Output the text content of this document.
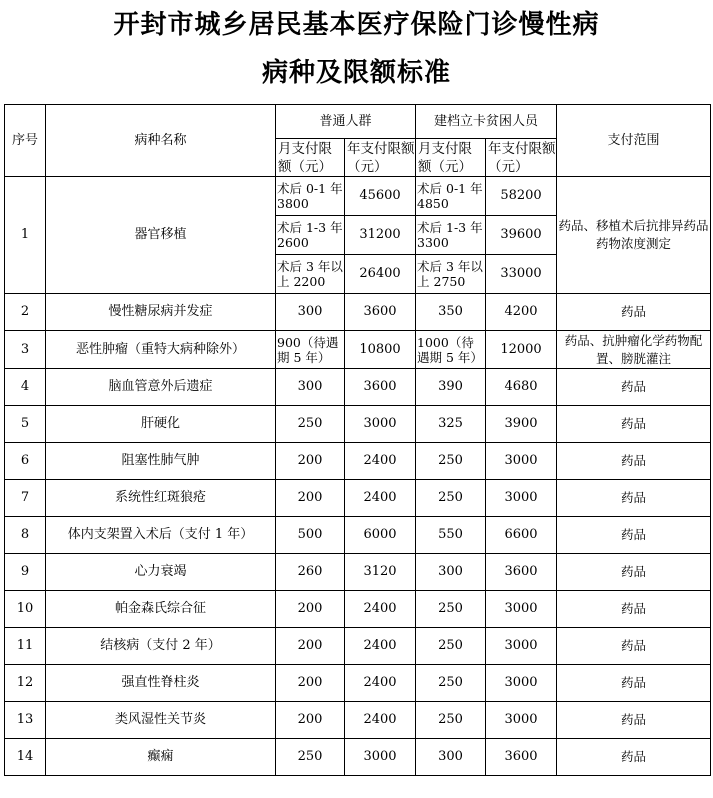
开封市城乡居民基本医疗保险门诊慢性病
病种及限额标准
序号	病种名称	普通人群		建档立卡贫困人员		支付范围
		月支付限额（元）	年支付限额（元）	月支付限额（元）	年支付限额（元）	
1	器官移植	术后 0-1 年 3800	45600	术后 0-1 年 4850	58200	药品、移植术后抗排异药品药物浓度测定
		术后 1-3 年 2600	31200	术后 1-3 年 3300	39600	
		术后 3 年以上 2200	26400	术后 3 年以上 2750	33000	
2	慢性糖尿病并发症	300	3600	350	4200	药品
3	恶性肿瘤（重特大病种除外）	900（待遇期 5 年）	10800	1000（待遇期 5 年）	12000	药品、抗肿瘤化学药物配置、膀胱灌注
4	脑血管意外后遗症	300	3600	390	4680	药品
5	肝硬化	250	3000	325	3900	药品
6	阻塞性肺气肿	200	2400	250	3000	药品
7	系统性红斑狼疮	200	2400	250	3000	药品
8	体内支架置入术后（支付 1 年）	500	6000	550	6600	药品
9	心力衰竭	260	3120	300	3600	药品
10	帕金森氏综合征	200	2400	250	3000	药品
11	结核病（支付 2 年）	200	2400	250	3000	药品
12	强直性脊柱炎	200	2400	250	3000	药品
13	类风湿性关节炎	200	2400	250	3000	药品
14	癫痫	250	3000	300	3600	药品
